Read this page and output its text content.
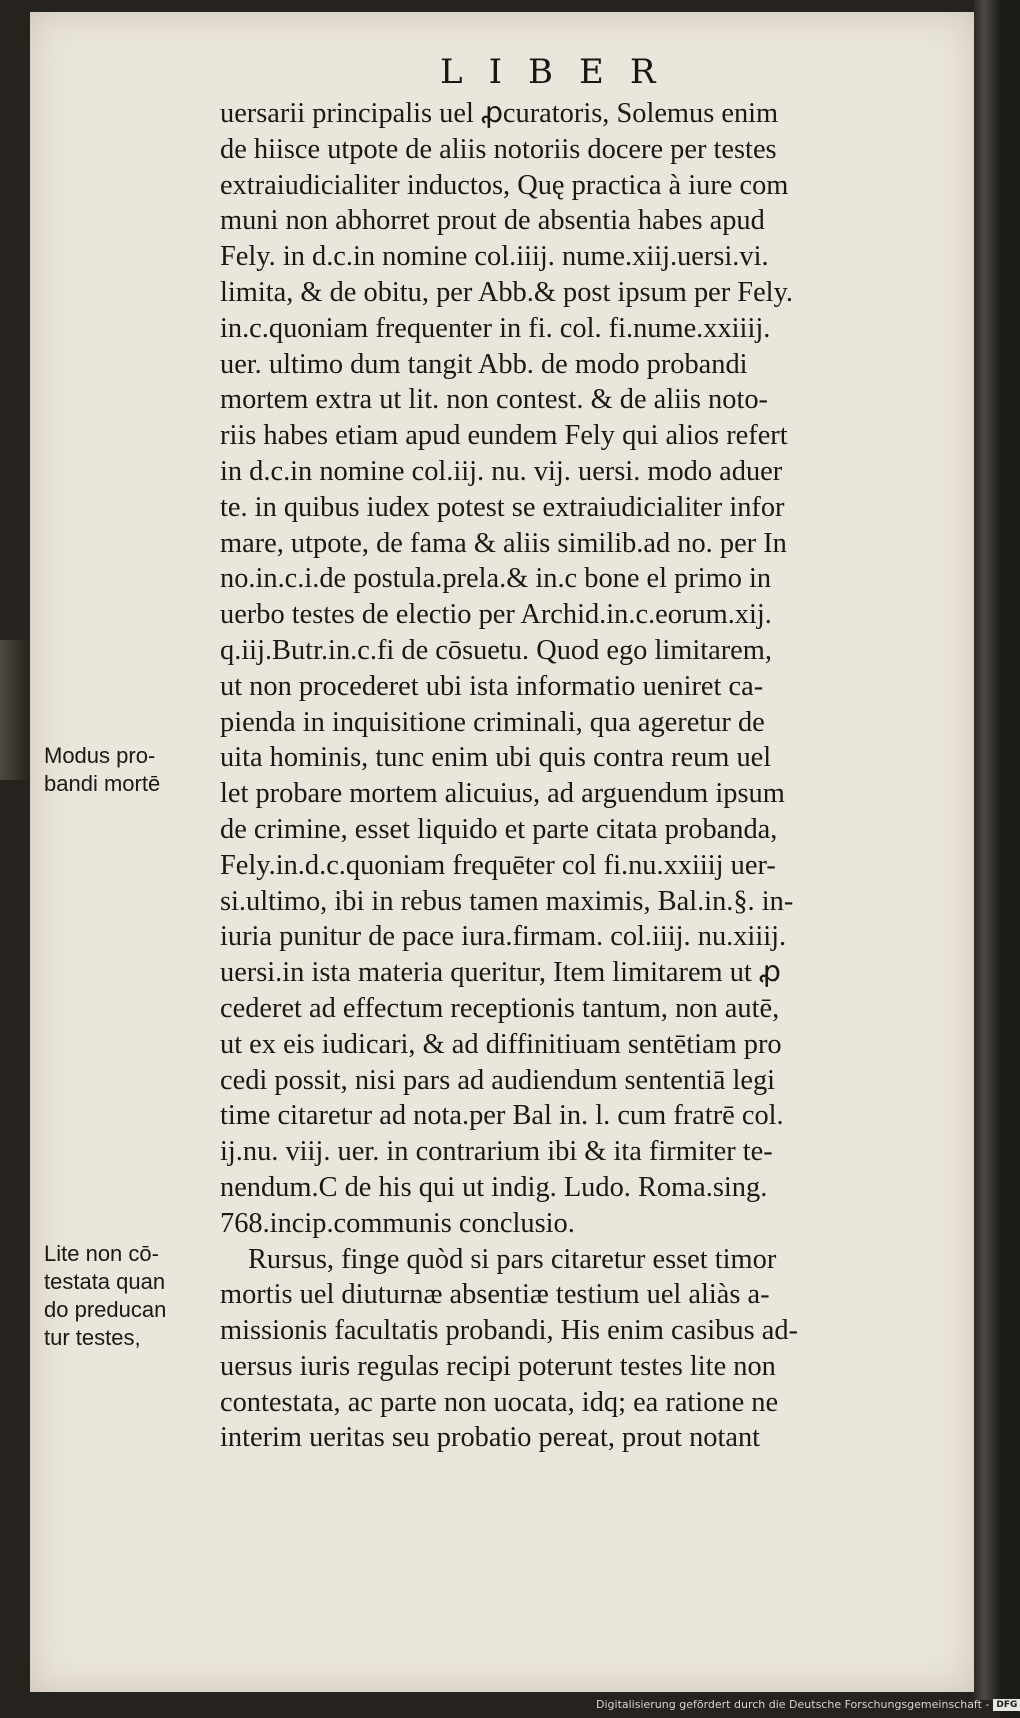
LIBER
uersarii principalis uel ꝓcuratoris, Solemus enim
de hiisce utpote de aliis notoriis docere per testes
extraiudicialiter inductos, Quę practica à iure com
muni non abhorret prout de absentia habes apud
Fely. in d.c.in nomine col.iiij. nume.xiij.uersi.vi.
limita, & de obitu, per Abb.& post ipsum per Fely.
in.c.quoniam frequenter in fi. col. fi.nume.xxiiij.
uer. ultimo dum tangit Abb. de modo probandi
mortem extra ut lit. non contest. & de aliis noto-
riis habes etiam apud eundem Fely qui alios refert
in d.c.in nomine col.iij. nu. vij. uersi. modo aduer
te. in quibus iudex potest se extraiudicialiter infor
mare, utpote, de fama & aliis similib.ad no. per In
no.in.c.i.de postula.prela.& in.c bone el primo in
uerbo testes de electio per Archid.in.c.eorum.xij.
q.iij.Butr.in.c.fi de cōsuetu. Quod ego limitarem,
ut non procederet ubi ista informatio ueniret ca-
pienda in inquisitione criminali, qua ageretur de
uita hominis, tunc enim ubi quis contra reum uel
let probare mortem alicuius, ad arguendum ipsum
de crimine, esset liquido et parte citata probanda,
Fely.in.d.c.quoniam frequēter col fi.nu.xxiiij uer-
si.ultimo, ibi in rebus tamen maximis, Bal.in.§. in-
iuria punitur de pace iura.firmam. col.iiij. nu.xiiij.
uersi.in ista materia queritur, Item limitarem ut ꝓ
cederet ad effectum receptionis tantum, non autē,
ut ex eis iudicari, & ad diffinitiuam sentētiam pro
cedi possit, nisi pars ad audiendum sententiā legi
time citaretur ad nota.per Bal in. l. cum fratrē col.
ij.nu. viij. uer. in contrarium ibi & ita firmiter te-
nendum.C de his qui ut indig. Ludo. Roma.sing.
768.incip.communis conclusio.
Rursus, finge quòd si pars citaretur esset timor
mortis uel diuturnæ absentiæ testium uel aliàs a-
missionis facultatis probandi, His enim casibus ad-
uersus iuris regulas recipi poterunt testes lite non
contestata, ac parte non uocata, idq; ea ratione ne
interim ueritas seu probatio pereat, prout notant
Modus pro-
bandi mortē
Lite non cō-
testata quan
do preducan
tur testes,
Digitalisierung gefördert durch die Deutsche Forschungsgemeinschaft - DFG
